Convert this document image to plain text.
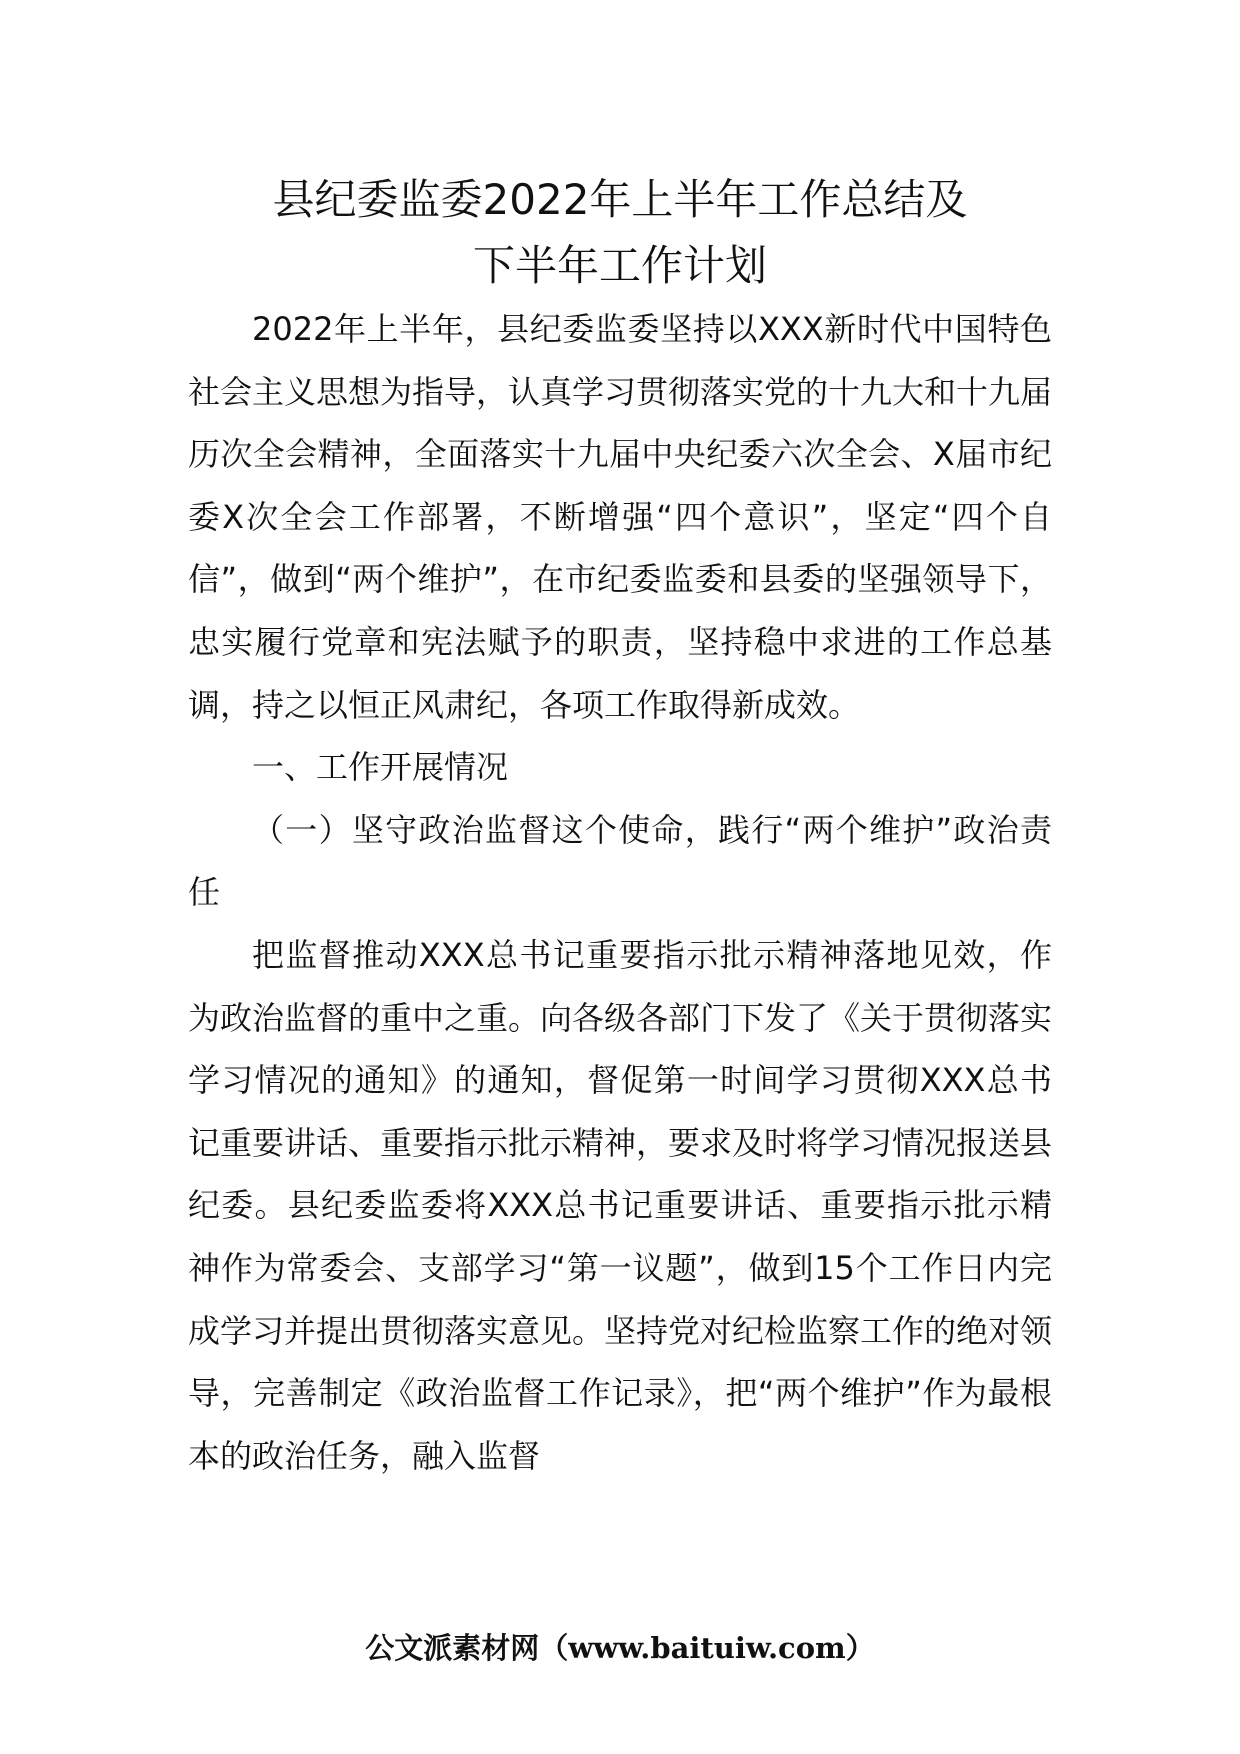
县纪委监委2022年上半年工作总结及
下半年工作计划

2022年上半年，县纪委监委坚持以XXX新时代中国特色社会主义思想为指导，认真学习贯彻落实党的十九大和十九届历次全会精神，全面落实十九届中央纪委六次全会、X届市纪委X次全会工作部署，不断增强“四个意识”，坚定“四个自信”，做到“两个维护”，在市纪委监委和县委的坚强领导下，忠实履行党章和宪法赋予的职责，坚持稳中求进的工作总基调，持之以恒正风肃纪，各项工作取得新成效。

一、工作开展情况

（一）坚守政治监督这个使命，践行“两个维护”政治责任

把监督推动XXX总书记重要指示批示精神落地见效，作为政治监督的重中之重。向各级各部门下发了《关于贯彻落实学习情况的通知》的通知，督促第一时间学习贯彻XXX总书记重要讲话、重要指示批示精神，要求及时将学习情况报送县纪委。县纪委监委将XXX总书记重要讲话、重要指示批示精神作为常委会、支部学习“第一议题”，做到15个工作日内完成学习并提出贯彻落实意见。坚持党对纪检监察工作的绝对领导，完善制定《政治监督工作记录》，把“两个维护”作为最根本的政治任务，融入监督

公文派素材网（www.baituiw.com）
